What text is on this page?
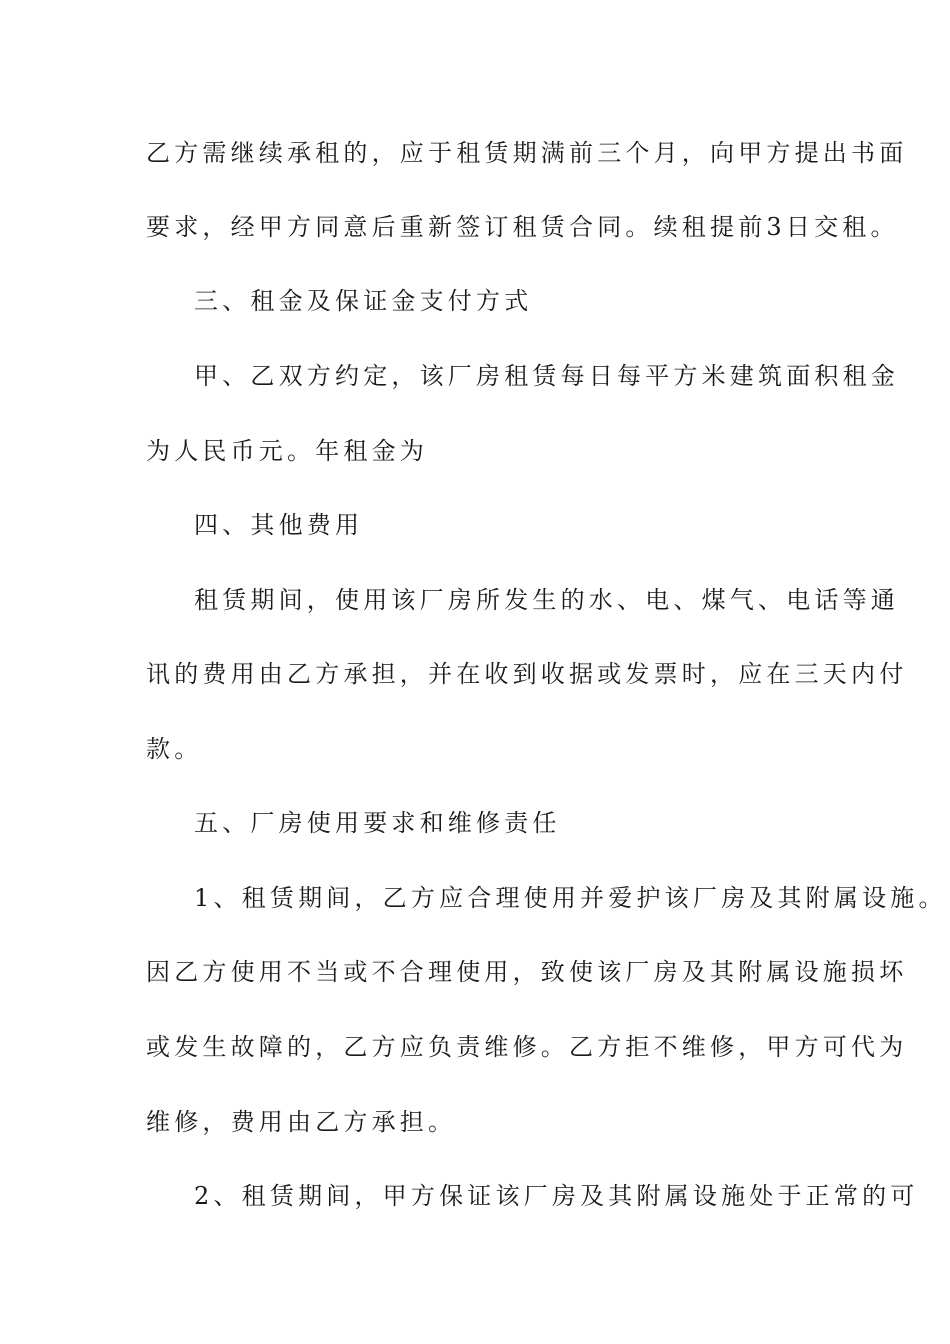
乙方需继续承租的，应于租赁期满前三个月，向甲方提出书面
要求，经甲方同意后重新签订租赁合同。续租提前3日交租。
三、租金及保证金支付方式
甲、乙双方约定，该厂房租赁每日每平方米建筑面积租金
为人民币元。年租金为
四、其他费用
租赁期间，使用该厂房所发生的水、电、煤气、电话等通
讯的费用由乙方承担，并在收到收据或发票时，应在三天内付
款。
五、厂房使用要求和维修责任
1、租赁期间，乙方应合理使用并爱护该厂房及其附属设施。
因乙方使用不当或不合理使用，致使该厂房及其附属设施损坏
或发生故障的，乙方应负责维修。乙方拒不维修，甲方可代为
维修，费用由乙方承担。
2、租赁期间，甲方保证该厂房及其附属设施处于正常的可
